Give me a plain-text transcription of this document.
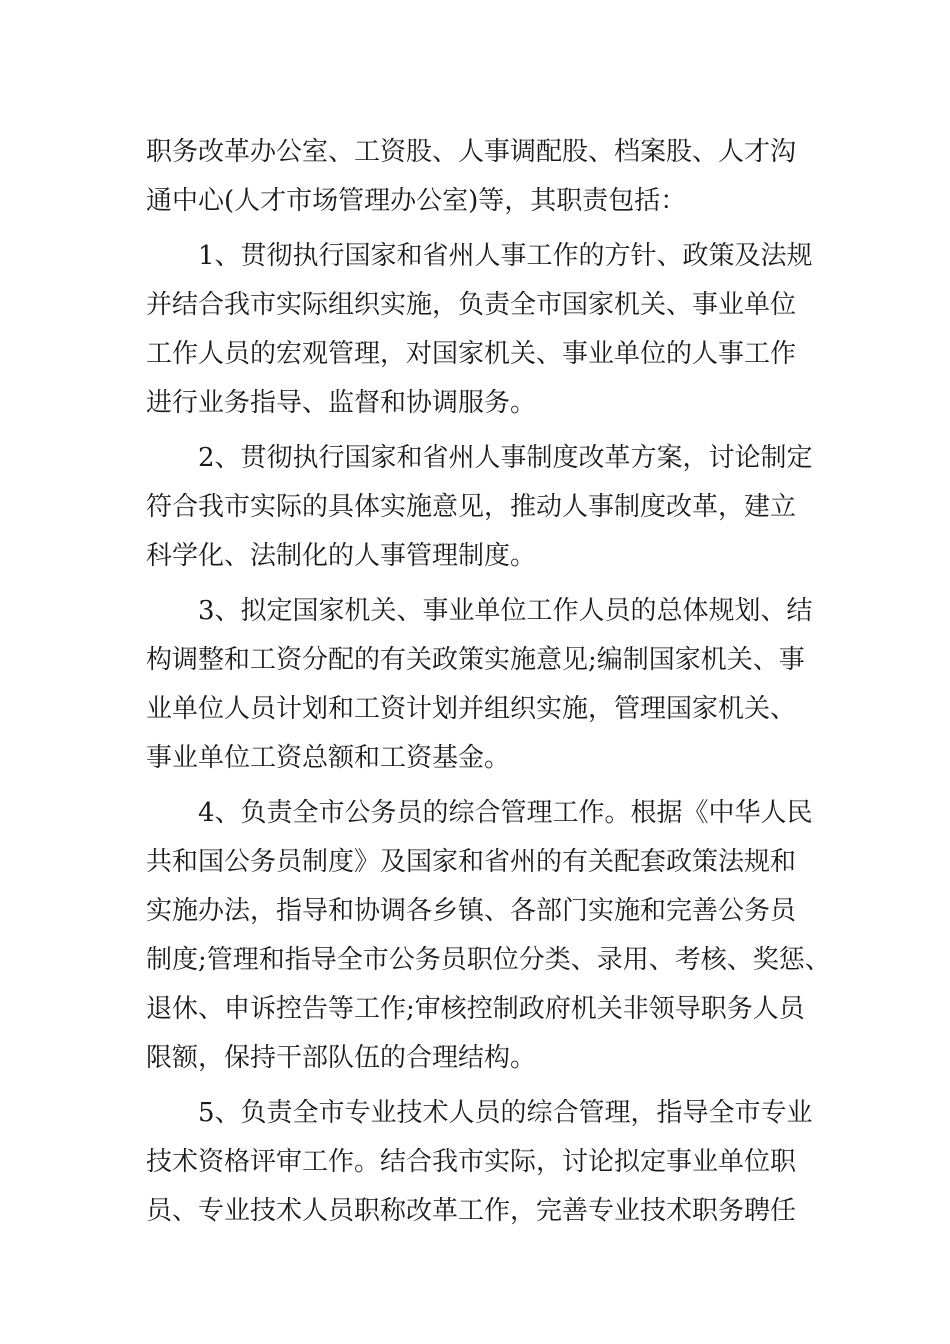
职务改革办公室、工资股、人事调配股、档案股、人才沟
通中心(人才市场管理办公室)等，其职责包括：
　　1、贯彻执行国家和省州人事工作的方针、政策及法规
并结合我市实际组织实施，负责全市国家机关、事业单位
工作人员的宏观管理，对国家机关、事业单位的人事工作
进行业务指导、监督和协调服务。
　　2、贯彻执行国家和省州人事制度改革方案，讨论制定
符合我市实际的具体实施意见，推动人事制度改革，建立
科学化、法制化的人事管理制度。
　　3、拟定国家机关、事业单位工作人员的总体规划、结
构调整和工资分配的有关政策实施意见;编制国家机关、事
业单位人员计划和工资计划并组织实施，管理国家机关、
事业单位工资总额和工资基金。
　　4、负责全市公务员的综合管理工作。根据《中华人民
共和国公务员制度》及国家和省州的有关配套政策法规和
实施办法，指导和协调各乡镇、各部门实施和完善公务员
制度;管理和指导全市公务员职位分类、录用、考核、奖惩、
退休、申诉控告等工作;审核控制政府机关非领导职务人员
限额，保持干部队伍的合理结构。
　　5、负责全市专业技术人员的综合管理，指导全市专业
技术资格评审工作。结合我市实际，讨论拟定事业单位职
员、专业技术人员职称改革工作，完善专业技术职务聘任
